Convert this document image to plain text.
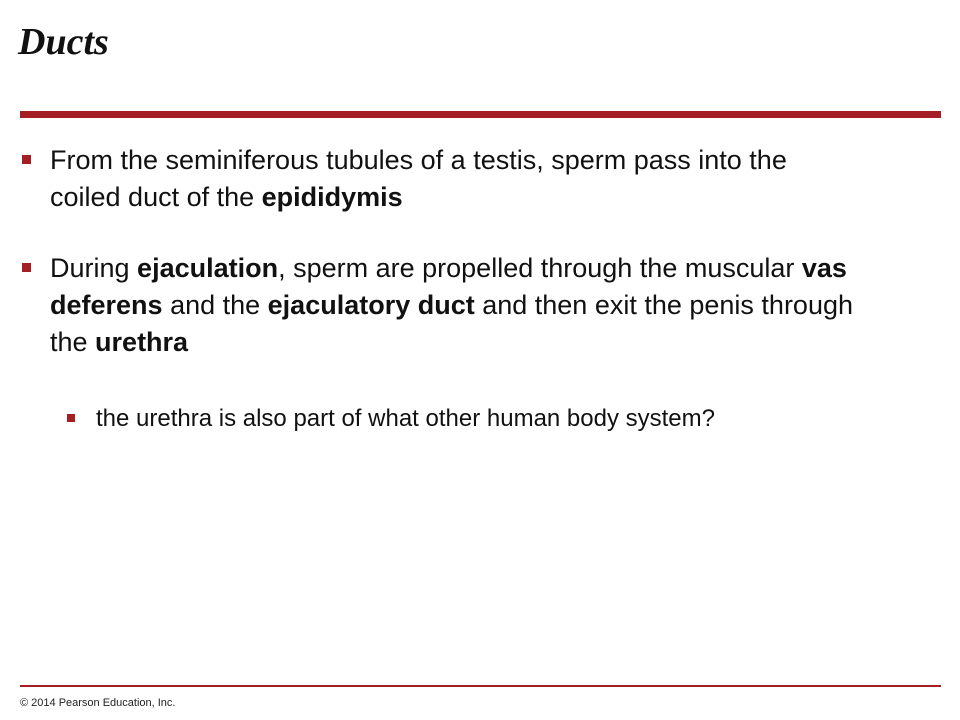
Ducts
From the seminiferous tubules of a testis, sperm pass into the coiled duct of the epididymis
During ejaculation, sperm are propelled through the muscular vas deferens and the ejaculatory duct and then exit the penis through the urethra
the urethra is also part of what other human body system?
© 2014 Pearson Education, Inc.
